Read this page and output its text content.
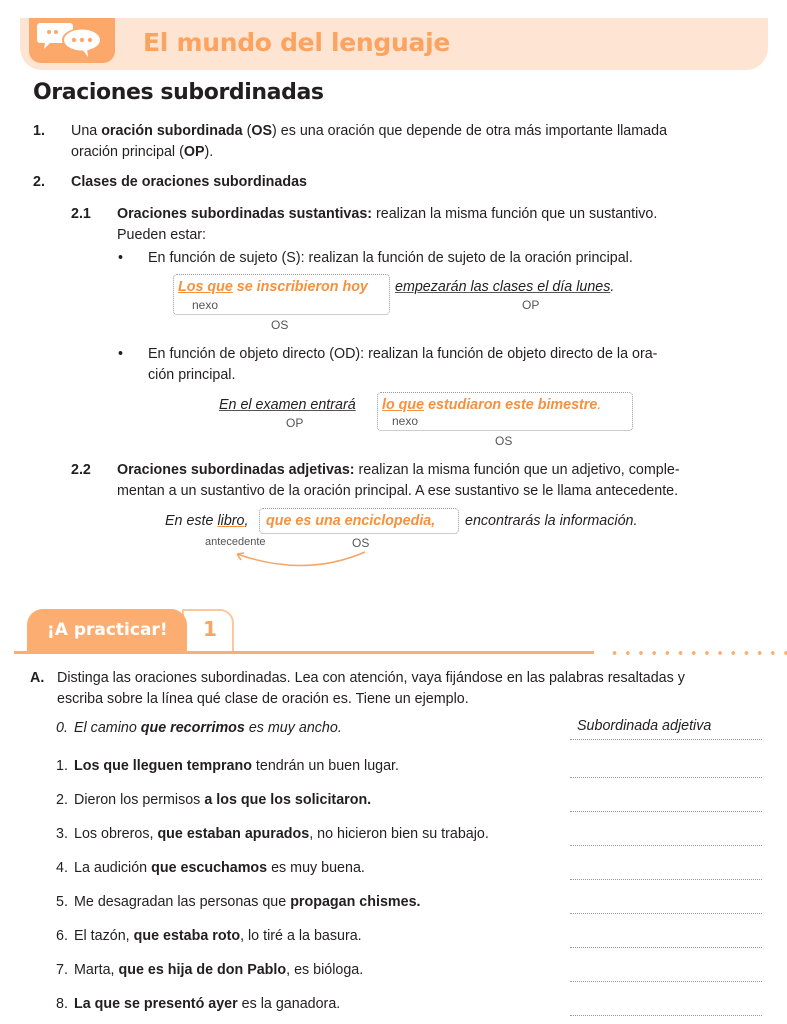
El mundo del lenguaje
Oraciones subordinadas
1. Una oración subordinada (OS) es una oración que depende de otra más importante llamada
oración principal (OP).
2. Clases de oraciones subordinadas
2.1 Oraciones subordinadas sustantivas: realizan la misma función que un sustantivo.
Pueden estar:
• En función de sujeto (S): realizan la función de sujeto de la oración principal.
Los que se inscribieron hoy empezarán las clases el día lunes.
nexo	OP
OS
• En función de objeto directo (OD): realizan la función de objeto directo de la ora-
ción principal.
En el examen entrará lo que estudiaron este bimestre.
OP	nexo
OS
2.2 Oraciones subordinadas adjetivas: realizan la misma función que un adjetivo, comple-
mentan a un sustantivo de la oración principal. A ese sustantivo se le llama antecedente.
En este libro, que es una enciclopedia, encontrarás la información.
antecedente	OS
¡A practicar! 1
A. Distinga las oraciones subordinadas. Lea con atención, vaya fijándose en las palabras resaltadas y
escriba sobre la línea qué clase de oración es. Tiene un ejemplo.
0. El camino que recorrimos es muy ancho.	Subordinada adjetiva
1. Los que lleguen temprano tendrán un buen lugar.
2. Dieron los permisos a los que los solicitaron.
3. Los obreros, que estaban apurados, no hicieron bien su trabajo.
4. La audición que escuchamos es muy buena.
5. Me desagradan las personas que propagan chismes.
6. El tazón, que estaba roto, lo tiré a la basura.
7. Marta, que es hija de don Pablo, es bióloga.
8. La que se presentó ayer es la ganadora.
